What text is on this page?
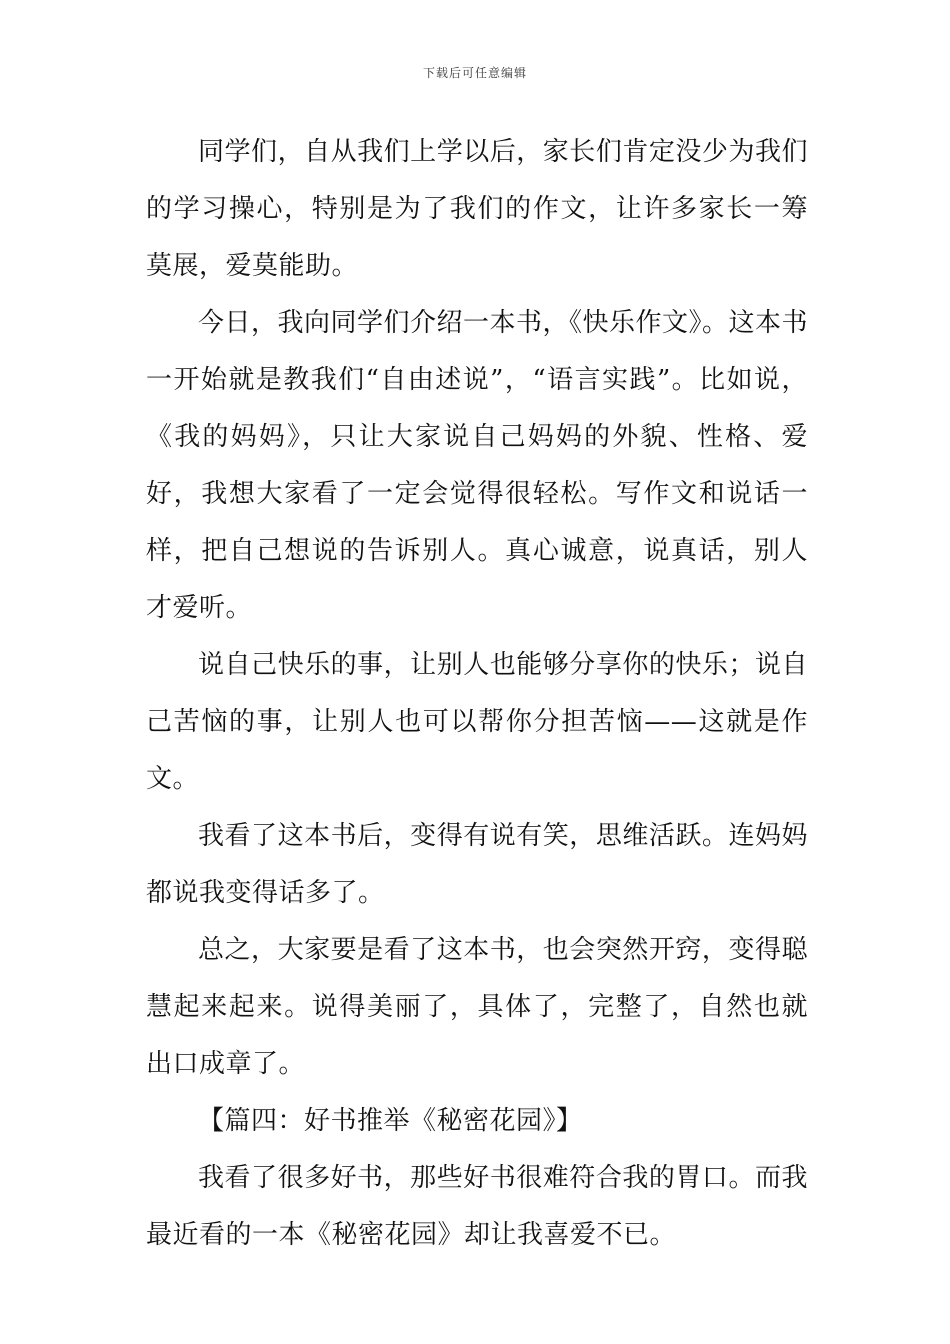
下载后可任意编辑

同学们，自从我们上学以后，家长们肯定没少为我们的学习操心，特别是为了我们的作文，让许多家长一筹莫展，爱莫能助。

今日，我向同学们介绍一本书，《快乐作文》。这本书一开始就是教我们“自由述说”，“语言实践”。比如说，《我的妈妈》，只让大家说自己妈妈的外貌、性格、爱好，我想大家看了一定会觉得很轻松。写作文和说话一样，把自己想说的告诉别人。真心诚意，说真话，别人才爱听。

说自己快乐的事，让别人也能够分享你的快乐；说自己苦恼的事，让别人也可以帮你分担苦恼——这就是作文。

我看了这本书后，变得有说有笑，思维活跃。连妈妈都说我变得话多了。

总之，大家要是看了这本书，也会突然开窍，变得聪慧起来起来。说得美丽了，具体了，完整了，自然也就出口成章了。

【篇四：好书推举《秘密花园》】

我看了很多好书，那些好书很难符合我的胃口。而我最近看的一本《秘密花园》却让我喜爱不已。
